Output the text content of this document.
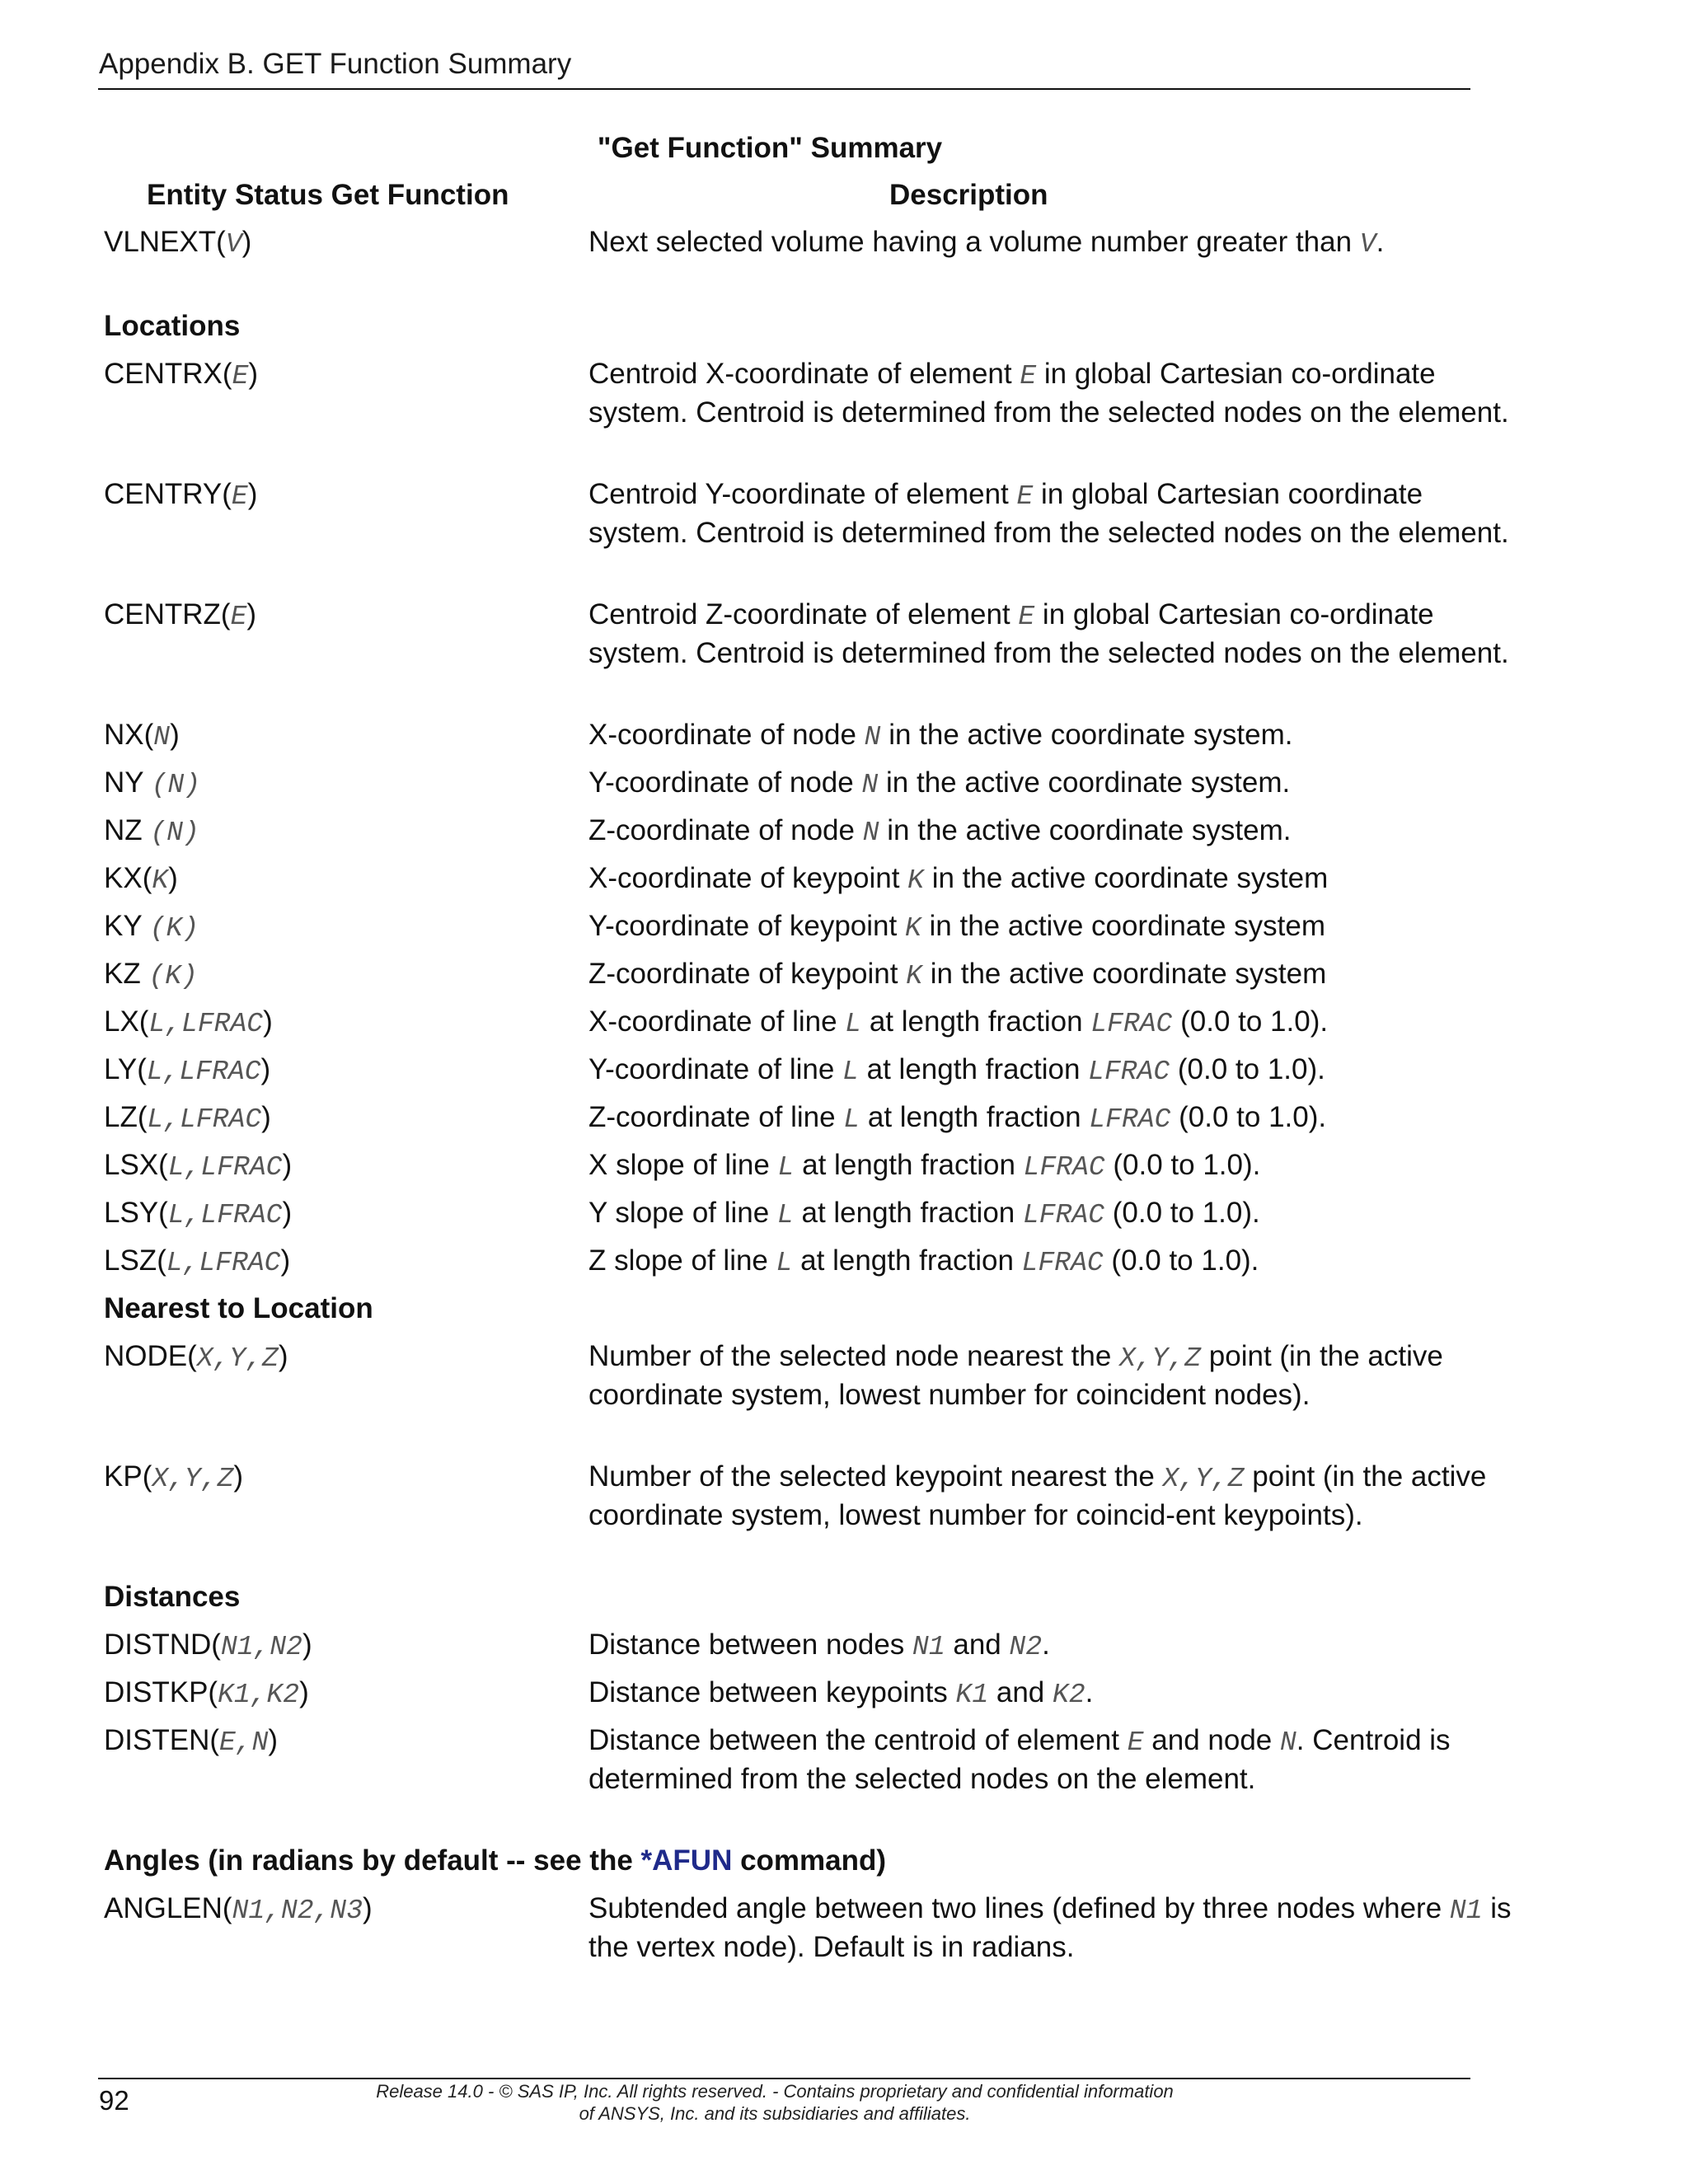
Appendix B. GET Function Summary
"Get Function" Summary
Entity Status Get Function	Description
VLNEXT(V)	Next selected volume having a volume number greater than V.
Locations
CENTRX(E)	Centroid X-coordinate of element E in global Cartesian co-ordinate system. Centroid is determined from the selected nodes on the element.
CENTRY(E)	Centroid Y-coordinate of element E in global Cartesian coordinate system. Centroid is determined from the selected nodes on the element.
CENTRZ(E)	Centroid Z-coordinate of element E in global Cartesian co-ordinate system. Centroid is determined from the selected nodes on the element.
NX(N)	X-coordinate of node N in the active coordinate system.
NY (N)	Y-coordinate of node N in the active coordinate system.
NZ (N)	Z-coordinate of node N in the active coordinate system.
KX(K)	X-coordinate of keypoint K in the active coordinate system
KY (K)	Y-coordinate of keypoint K in the active coordinate system
KZ (K)	Z-coordinate of keypoint K in the active coordinate system
LX(L,LFRAC)	X-coordinate of line L at length fraction LFRAC (0.0 to 1.0).
LY(L,LFRAC)	Y-coordinate of line L at length fraction LFRAC (0.0 to 1.0).
LZ(L,LFRAC)	Z-coordinate of line L at length fraction LFRAC (0.0 to 1.0).
LSX(L,LFRAC)	X slope of line L at length fraction LFRAC (0.0 to 1.0).
LSY(L,LFRAC)	Y slope of line L at length fraction LFRAC (0.0 to 1.0).
LSZ(L,LFRAC)	Z slope of line L at length fraction LFRAC (0.0 to 1.0).
Nearest to Location
NODE(X,Y,Z)	Number of the selected node nearest the X,Y,Z point (in the active coordinate system, lowest number for coincident nodes).
KP(X,Y,Z)	Number of the selected keypoint nearest the X,Y,Z point (in the active coordinate system, lowest number for coincid-ent keypoints).
Distances
DISTND(N1,N2)	Distance between nodes N1 and N2.
DISTKP(K1,K2)	Distance between keypoints K1 and K2.
DISTEN(E,N)	Distance between the centroid of element E and node N. Centroid is determined from the selected nodes on the element.
Angles (in radians by default -- see the *AFUN command)
ANGLEN(N1,N2,N3)	Subtended angle between two lines (defined by three nodes where N1 is the vertex node). Default is in radians.
92	Release 14.0 - © SAS IP, Inc. All rights reserved. - Contains proprietary and confidential information
of ANSYS, Inc. and its subsidiaries and affiliates.
